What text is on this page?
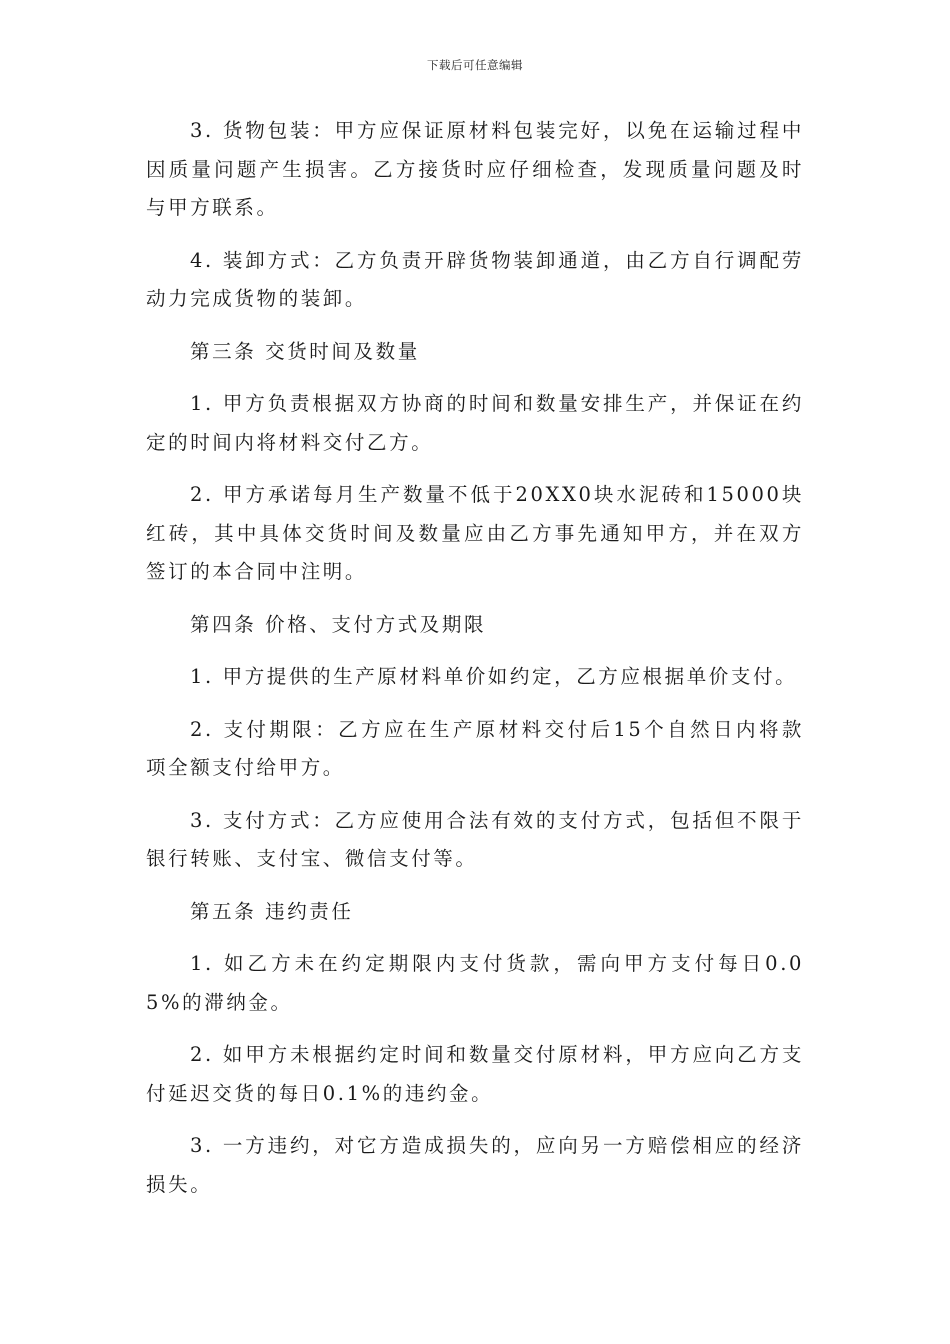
下载后可任意编辑

3. 货物包装：甲方应保证原材料包装完好，以免在运输过程中因质量问题产生损害。乙方接货时应仔细检查，发现质量问题及时与甲方联系。

4. 装卸方式：乙方负责开辟货物装卸通道，由乙方自行调配劳动力完成货物的装卸。

第三条 交货时间及数量

1. 甲方负责根据双方协商的时间和数量安排生产，并保证在约定的时间内将材料交付乙方。

2. 甲方承诺每月生产数量不低于20XX0块水泥砖和15000块红砖，其中具体交货时间及数量应由乙方事先通知甲方，并在双方签订的本合同中注明。

第四条 价格、支付方式及期限

1. 甲方提供的生产原材料单价如约定，乙方应根据单价支付。

2. 支付期限：乙方应在生产原材料交付后15个自然日内将款项全额支付给甲方。

3. 支付方式：乙方应使用合法有效的支付方式，包括但不限于银行转账、支付宝、微信支付等。

第五条 违约责任

1. 如乙方未在约定期限内支付货款，需向甲方支付每日0.05%的滞纳金。

2. 如甲方未根据约定时间和数量交付原材料，甲方应向乙方支付延迟交货的每日0.1%的违约金。

3. 一方违约，对它方造成损失的，应向另一方赔偿相应的经济损失。
